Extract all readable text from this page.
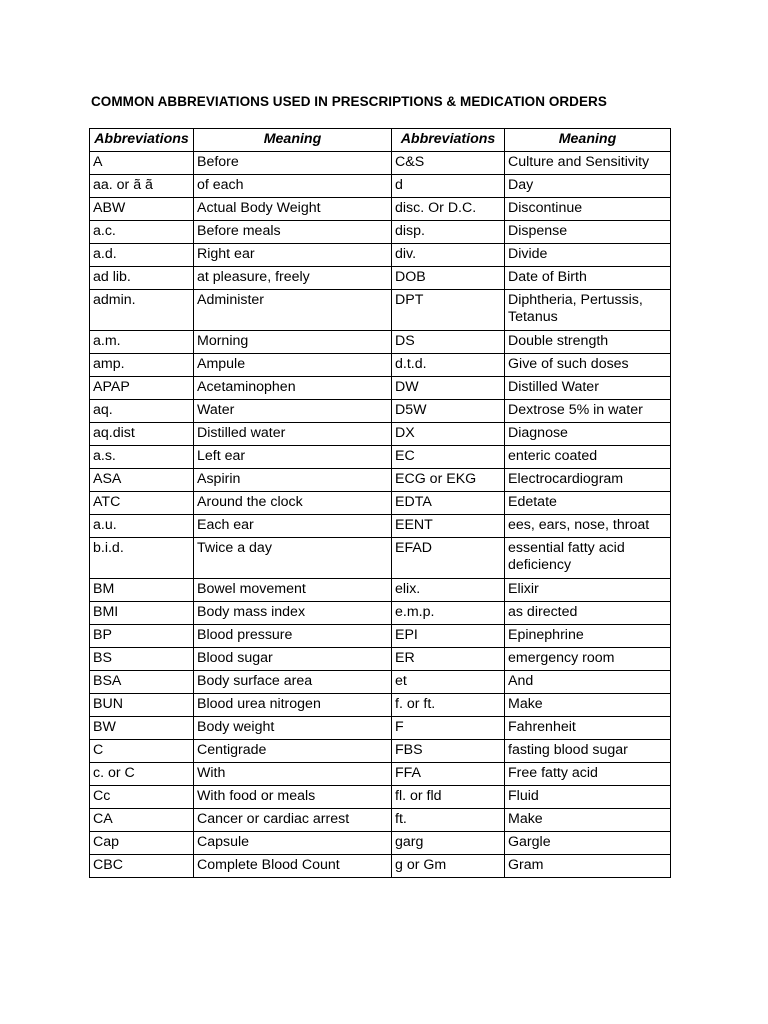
COMMON ABBREVIATIONS USED IN PRESCRIPTIONS & MEDICATION ORDERS
Abbreviations	Meaning	Abbreviations	Meaning
A	Before	C&S	Culture and Sensitivity
aa. or ã ã	of each	d	Day
ABW	Actual Body Weight	disc. Or D.C.	Discontinue
a.c.	Before meals	disp.	Dispense
a.d.	Right ear	div.	Divide
ad lib.	at pleasure, freely	DOB	Date of Birth
admin.	Administer	DPT	Diphtheria, Pertussis, Tetanus
a.m.	Morning	DS	Double strength
amp.	Ampule	d.t.d.	Give of such doses
APAP	Acetaminophen	DW	Distilled Water
aq.	Water	D5W	Dextrose 5% in water
aq.dist	Distilled water	DX	Diagnose
a.s.	Left ear	EC	enteric coated
ASA	Aspirin	ECG or EKG	Electrocardiogram
ATC	Around the clock	EDTA	Edetate
a.u.	Each ear	EENT	ees, ears, nose, throat
b.i.d.	Twice a day	EFAD	essential fatty acid deficiency
BM	Bowel movement	elix.	Elixir
BMI	Body mass index	e.m.p.	as directed
BP	Blood pressure	EPI	Epinephrine
BS	Blood sugar	ER	emergency room
BSA	Body surface area	et	And
BUN	Blood urea nitrogen	f. or ft.	Make
BW	Body weight	F	Fahrenheit
C	Centigrade	FBS	fasting blood sugar
c. or C	With	FFA	Free fatty acid
Cc	With food or meals	fl. or fld	Fluid
CA	Cancer or cardiac arrest	ft.	Make
Cap	Capsule	garg	Gargle
CBC	Complete Blood Count	g or Gm	Gram
